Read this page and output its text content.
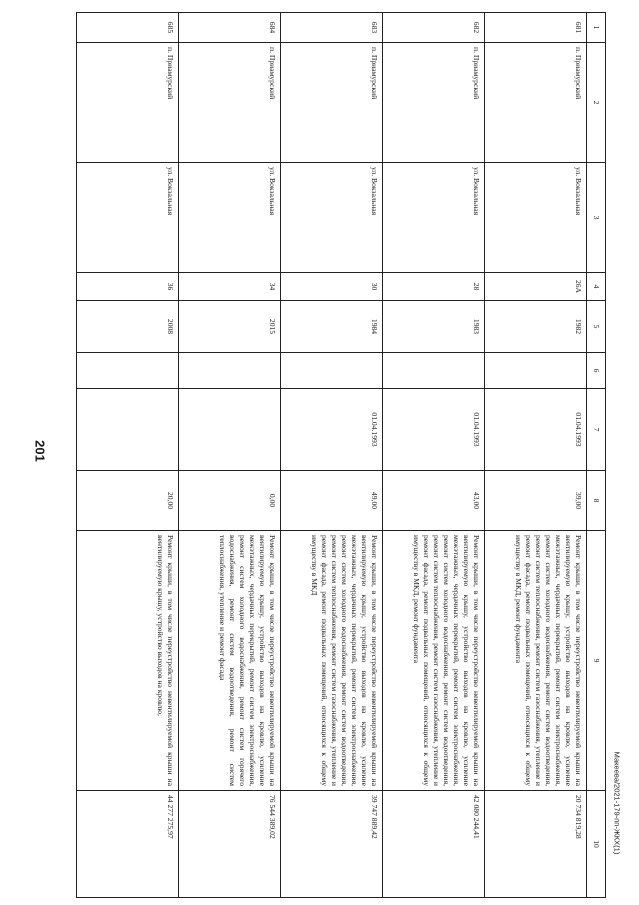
201
1	2	3	4	5	6	7	8	9	10
681	п. Приамурский	ул. Вокзальная	26А	1982		01.04.1993	39,00	Ремонт крыши, в том числе переустройство невентилируемой крыши на вентилируемую крышу, устройство выходов на кровлю, усиление межэтажных, чердачных перекрытий, ремонт систем электроснабжения, ремонт систем холодного водоснабжения, ремонт систем водоотведения, ремонт систем теплоснабжения, ремонт систем газоснабжения, утепление и ремонт фасада, ремонт подвальных помещений, относящихся к общему имуществу в МКД, ремонт фундамента	20 734 819,28
682	п. Приамурский	ул. Вокзальная	28	1983		01.04.1993	43,00	Ремонт крыши, в том числе переустройство невентилируемой крыши на вентилируемую крышу, устройство выходов на кровлю, усиление межэтажных, чердачных перекрытий, ремонт систем электроснабжения, ремонт систем холодного водоснабжения, ремонт систем водоотведения, ремонт систем теплоснабжения, ремонт систем газоснабжения, утепление и ремонт фасада, ремонт подвальных помещений, относящихся к общему имуществу в МКД, ремонт фундамента	42 080 244,41
683	п. Приамурский	ул. Вокзальная	30	1984		01.04.1993	49,00	Ремонт крыши, в том числе переустройство невентилируемой крыши на вентилируемую крышу, устройство выходов на кровлю, усиление межэтажных, чердачных перекрытий, ремонт систем электроснабжения, ремонт систем холодного водоснабжения, ремонт систем водоотведения, ремонт систем теплоснабжения, ремонт систем газоснабжения, утепление и ремонт фасада, ремонт подвальных помещений, относящихся к общему имуществу в МКД	39 747 889,42
684	п. Приамурский	ул. Вокзальная	34	2015			0,00	Ремонт крыши, в том числе переустройство невентилируемой крыши на вентилируемую крышу, устройство выходов на кровлю, усиление межэтажных, чердачных перекрытий, ремонт систем электроснабжения, ремонт систем холодного водоснабжения, ремонт систем горячего водоснабжения, ремонт систем водоотведения, ремонт систем теплоснабжения, утепление и ремонт фасада	76 544 389,02
685	п. Приамурский	ул. Вокзальная	36	2008			20,00	Ремонт крыши, в том числе переустройство невентилируемой крыши на вентилируемую крышу, устройство выходов на кровлю,	44 277 275,97	Макеева/2021-179-пп-ЖКХ(1)
